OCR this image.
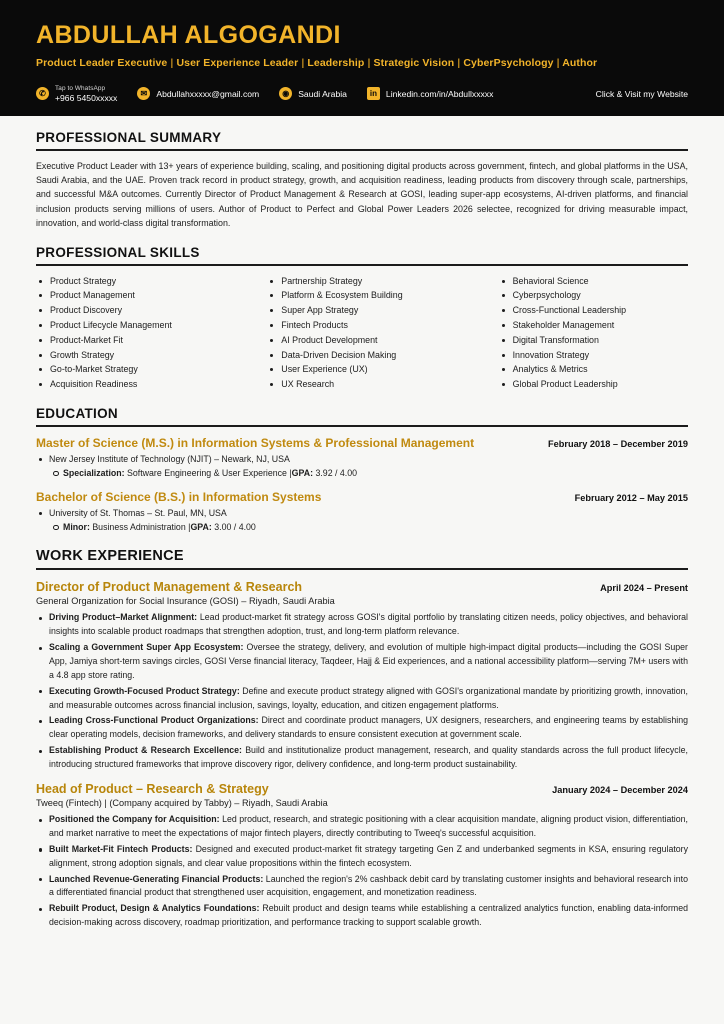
ABDULLAH ALGOGANDI
Product Leader Executive | User Experience Leader | Leadership | Strategic Vision | CyberPsychology | Author
✆
Tap to WhatsApp
+966 5450xxxxx	✉	Abdullahxxxxx@gmail.com	◉	Saudi Arabia	in	Linkedin.com/in/Abdullxxxxx	Click & Visit my Website
PROFESSIONAL SUMMARY

Executive Product Leader with 13+ years of experience building, scaling, and positioning digital products across government, fintech, and global platforms in the USA, Saudi Arabia, and the UAE. Proven track record in product strategy, growth, and acquisition readiness, leading products from discovery through scale, partnerships, and successful M&A outcomes. Currently Director of Product Management & Research at GOSI, leading super-app ecosystems, AI-driven platforms, and financial inclusion products serving millions of users. Author of Product to Perfect and Global Power Leaders 2026 selectee, recognized for driving measurable impact, innovation, and world-class digital transformation.

PROFESSIONAL SKILLS
Product Strategy
Product Management
Product Discovery
Product Lifecycle Management
Product-Market Fit
Growth Strategy
Go-to-Market Strategy
Acquisition Readiness
Partnership Strategy
Platform & Ecosystem Building
Super App Strategy
Fintech Products
AI Product Development
Data-Driven Decision Making
User Experience (UX)
UX Research
Behavioral Science
Cyberpsychology
Cross-Functional Leadership
Stakeholder Management
Digital Transformation
Innovation Strategy
Analytics & Metrics
Global Product Leadership
EDUCATION
Master of Science (M.S.) in Information Systems & Professional Management	February 2018 – December 2019
New Jersey Institute of Technology (NJIT) – Newark, NJ, USA
Specialization: Software Engineering & User Experience |GPA: 3.92 / 4.00
Bachelor of Science (B.S.) in Information Systems	February 2012 – May 2015
University of St. Thomas – St. Paul, MN, USA
Minor: Business Administration |GPA: 3.00 / 4.00
WORK EXPERIENCE
Director of Product Management & Research	April 2024 – Present
General Organization for Social Insurance (GOSI) – Riyadh, Saudi Arabia
Driving Product–Market Alignment: Lead product-market fit strategy across GOSI's digital portfolio by translating citizen needs, policy objectives, and behavioral insights into scalable product roadmaps that strengthen adoption, trust, and long-term platform relevance.
Scaling a Government Super App Ecosystem: Oversee the strategy, delivery, and evolution of multiple high-impact digital products—including the GOSI Super App, Jamiya short-term savings circles, GOSI Verse financial literacy, Taqdeer, Hajj & Eid experiences, and a national accessibility platform—serving 7M+ users with a 4.8 app store rating.
Executing Growth-Focused Product Strategy: Define and execute product strategy aligned with GOSI's organizational mandate by prioritizing growth, innovation, and measurable outcomes across financial inclusion, savings, loyalty, education, and citizen engagement platforms.
Leading Cross-Functional Product Organizations: Direct and coordinate product managers, UX designers, researchers, and engineering teams by establishing clear operating models, decision frameworks, and delivery standards to ensure consistent execution at government scale.
Establishing Product & Research Excellence: Build and institutionalize product management, research, and quality standards across the full product lifecycle, introducing structured frameworks that improve discovery rigor, delivery confidence, and long-term product sustainability.
Head of Product – Research & Strategy	January 2024 – December 2024
Tweeq (Fintech) | (Company acquired by Tabby) – Riyadh, Saudi Arabia
Positioned the Company for Acquisition: Led product, research, and strategic positioning with a clear acquisition mandate, aligning product vision, differentiation, and market narrative to meet the expectations of major fintech players, directly contributing to Tweeq's successful acquisition.
Built Market-Fit Fintech Products: Designed and executed product-market fit strategy targeting Gen Z and underbanked segments in KSA, ensuring regulatory alignment, strong adoption signals, and clear value propositions within the fintech ecosystem.
Launched Revenue-Generating Financial Products: Launched the region's 2% cashback debit card by translating customer insights and behavioral research into a differentiated financial product that strengthened user acquisition, engagement, and monetization readiness.
Rebuilt Product, Design & Analytics Foundations: Rebuilt product and design teams while establishing a centralized analytics function, enabling data-informed decision-making across discovery, roadmap prioritization, and performance tracking to support scalable growth.
